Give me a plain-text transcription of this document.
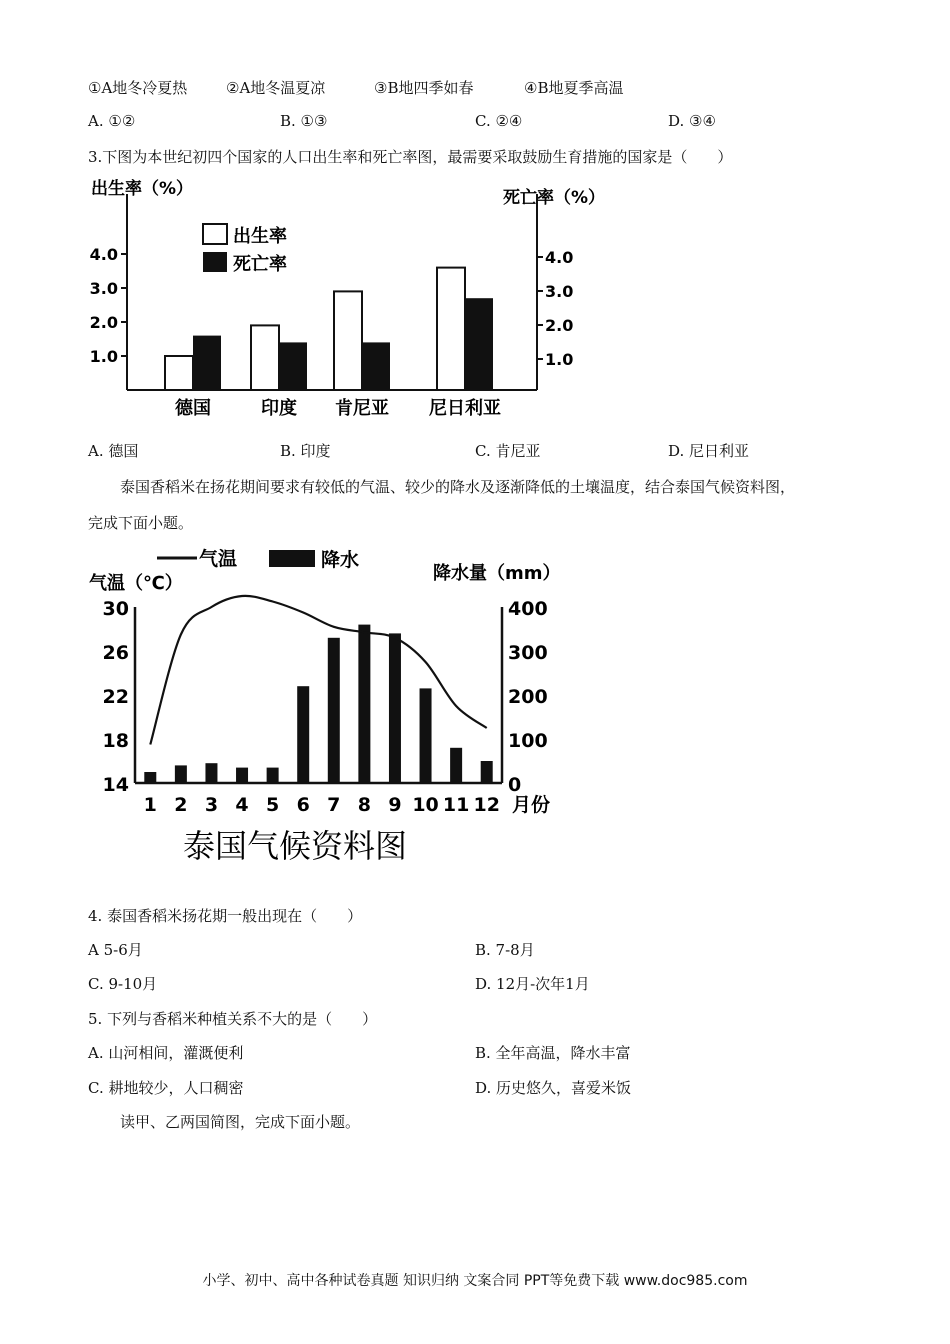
①A地冬冷夏热	②A地冬温夏凉	③B地四季如春	④B地夏季高温
A. ①②	B. ①③	C. ②④	D. ③④
3.下图为本世纪初四个国家的人口出生率和死亡率图，最需要采取鼓励生育措施的国家是（　　）
出生率（%）	死亡率（%）
1.0	1.0
2.0	2.0
3.0	3.0
4.0	4.0
出生率
死亡率
德国	印度 肯尼亚 尼日利亚
A. 德国	B. 印度	C. 肯尼亚	D. 尼日利亚
泰国香稻米在扬花期间要求有较低的气温、较少的降水及逐渐降低的土壤温度，结合泰国气候资料图，
完成下面小题。
气温	降水
气温（℃）	降水量（mm）
14
18
22
26
30
0
100
200
300
400
1 2 3 4 5 6 7 8 9 10 11 12 月份
泰国气候资料图
4. 泰国香稻米扬花期一般出现在（　　）
A 5-6月	B. 7-8月
C. 9-10月	D. 12月-次年1月
5. 下列与香稻米种植关系不大的是（　　）
A. 山河相间，灌溉便利	B. 全年高温，降水丰富
C. 耕地较少，人口稠密	D. 历史悠久，喜爱米饭
读甲、乙两国简图，完成下面小题。
小学、初中、高中各种试卷真题 知识归纳 文案合同 PPT等免费下载 www.doc985.com
